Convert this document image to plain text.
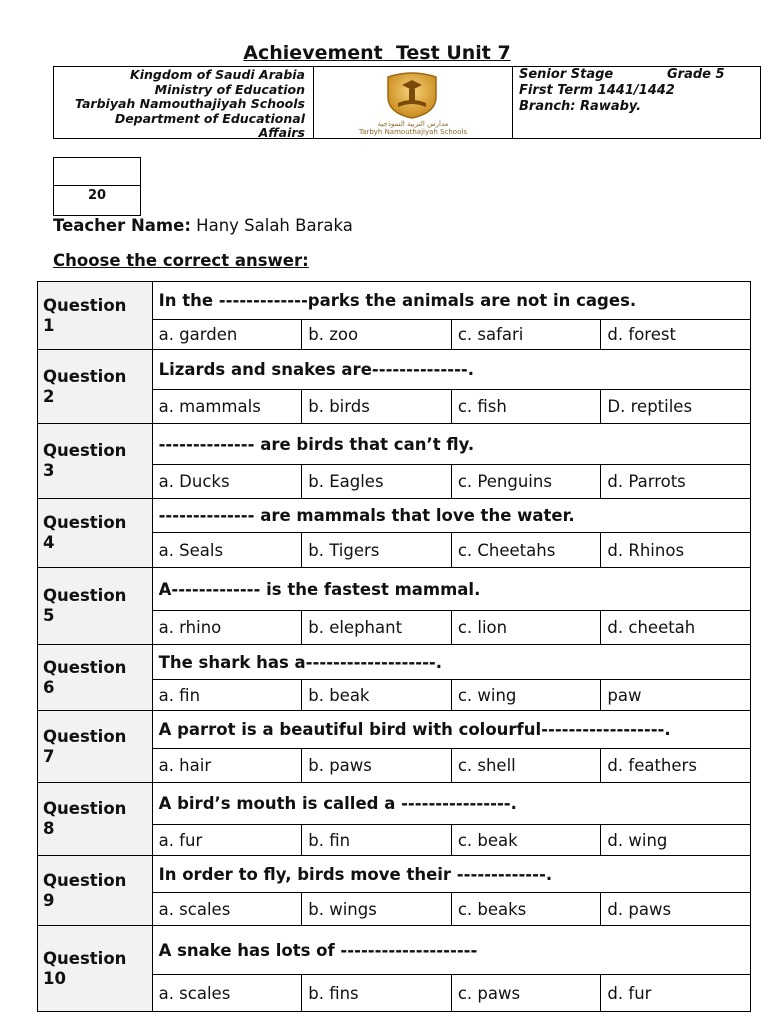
Achievement  Test Unit 7
Kingdom of Saudi Arabia
Ministry of Education
Tarbiyah Namouthajiyah Schools
Department of Educational
Affairs
مدارس التربية النموذجية
Tarbyh Namouthajiyah Schools
Senior Stage	Grade 5
First Term 1441/1442
Branch: Rawaby.
20
Teacher Name: Hany Salah Baraka
Choose the correct answer:
Question
1	In the -------------parks the animals are not in cages.			
	a. garden	b. zoo	c. safari	d. forest

Question
2	Lizards and snakes are--------------.			
	a. mammals	b. birds	c. fish	D. reptiles

Question
3	-------------- are birds that can’t fly.			
	a. Ducks	b. Eagles	c. Penguins	d. Parrots

Question
4	-------------- are mammals that love the water.			
	a. Seals	b. Tigers	c. Cheetahs	d. Rhinos

Question
5	A------------- is the fastest mammal.			
	a. rhino	b. elephant	c. lion	d. cheetah

Question
6	The shark has a-------------------.			
	a. fin	b. beak	c. wing	paw

Question
7	A parrot is a beautiful bird with colourful------------------.			
	a. hair	b. paws	c. shell	d. feathers

Question
8	A bird’s mouth is called a ----------------.			
	a. fur	b. fin	c. beak	d. wing

Question
9	In order to fly, birds move their -------------.			
	a. scales	b. wings	c. beaks	d. paws

Question
10	A snake has lots of --------------------			
	a. scales	b. fins	c. paws	d. fur
